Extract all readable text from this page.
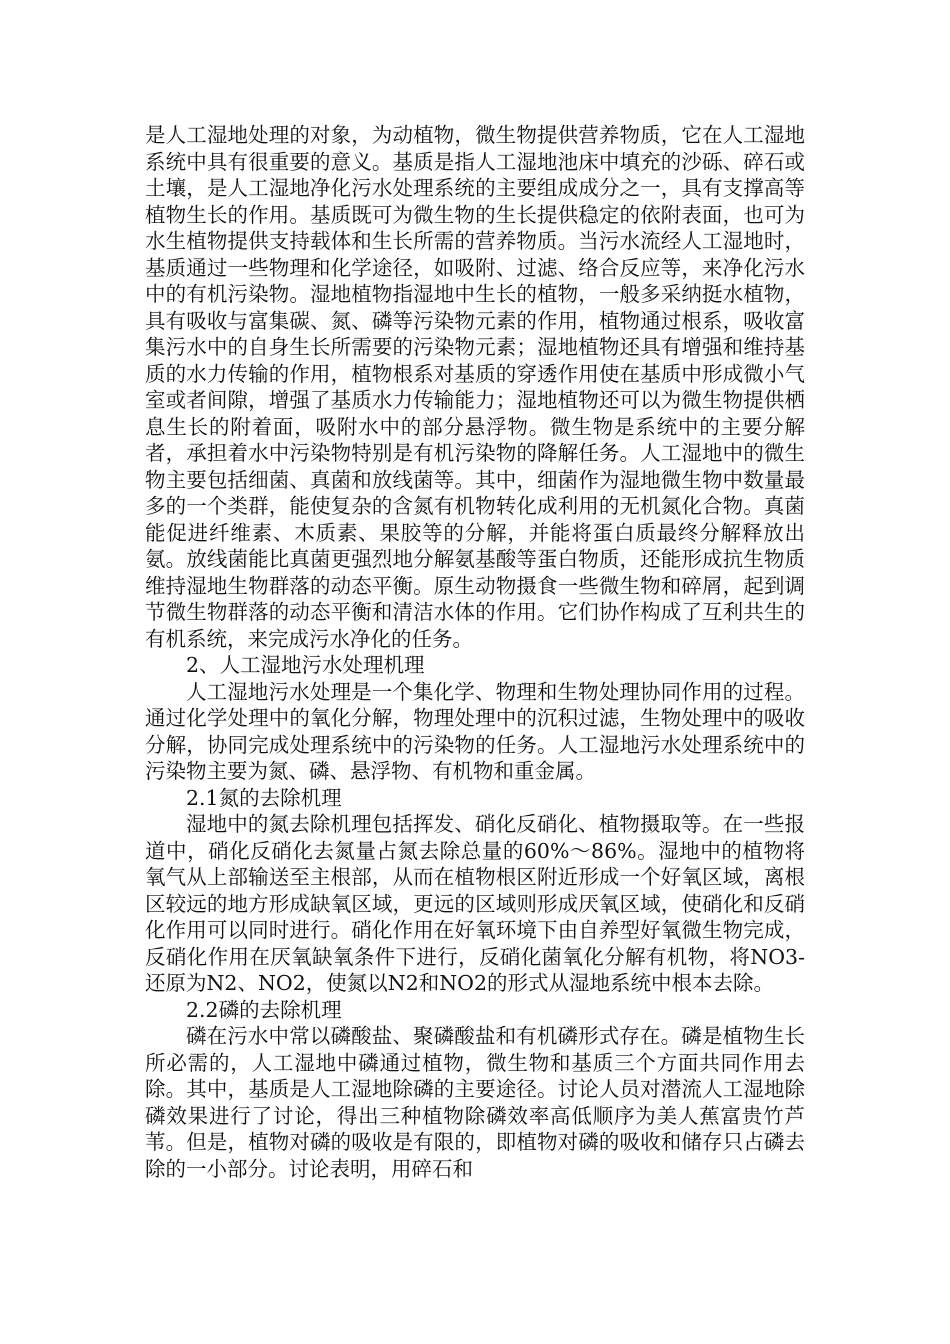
是人工湿地处理的对象，为动植物，微生物提供营养物质，它在人工湿地系统中具有很重要的意义。基质是指人工湿地池床中填充的沙砾、碎石或土壤，是人工湿地净化污水处理系统的主要组成成分之一，具有支撑高等植物生长的作用。基质既可为微生物的生长提供稳定的依附表面，也可为水生植物提供支持载体和生长所需的营养物质。当污水流经人工湿地时，基质通过一些物理和化学途径，如吸附、过滤、络合反应等，来净化污水中的有机污染物。湿地植物指湿地中生长的植物，一般多采纳挺水植物，具有吸收与富集碳、氮、磷等污染物元素的作用，植物通过根系，吸收富集污水中的自身生长所需要的污染物元素；湿地植物还具有增强和维持基质的水力传输的作用，植物根系对基质的穿透作用使在基质中形成微小气室或者间隙，增强了基质水力传输能力；湿地植物还可以为微生物提供栖息生长的附着面，吸附水中的部分悬浮物。微生物是系统中的主要分解者，承担着水中污染物特别是有机污染物的降解任务。人工湿地中的微生物主要包括细菌、真菌和放线菌等。其中，细菌作为湿地微生物中数量最多的一个类群，能使复杂的含氮有机物转化成利用的无机氮化合物。真菌能促进纤维素、木质素、果胶等的分解，并能将蛋白质最终分解释放出氨。放线菌能比真菌更强烈地分解氨基酸等蛋白物质，还能形成抗生物质维持湿地生物群落的动态平衡。原生动物摄食一些微生物和碎屑，起到调节微生物群落的动态平衡和清洁水体的作用。它们协作构成了互利共生的有机系统，来完成污水净化的任务。

2、人工湿地污水处理机理

人工湿地污水处理是一个集化学、物理和生物处理协同作用的过程。通过化学处理中的氧化分解，物理处理中的沉积过滤，生物处理中的吸收分解，协同完成处理系统中的污染物的任务。人工湿地污水处理系统中的污染物主要为氮、磷、悬浮物、有机物和重金属。

2.1氮的去除机理

湿地中的氮去除机理包括挥发、硝化反硝化、植物摄取等。在一些报道中，硝化反硝化去氮量占氮去除总量的60%～86%。湿地中的植物将氧气从上部输送至主根部，从而在植物根区附近形成一个好氧区域，离根区较远的地方形成缺氧区域，更远的区域则形成厌氧区域，使硝化和反硝化作用可以同时进行。硝化作用在好氧环境下由自养型好氧微生物完成，反硝化作用在厌氧缺氧条件下进行，反硝化菌氧化分解有机物，将NO3-还原为N2、NO2，使氮以N2和NO2的形式从湿地系统中根本去除。

2.2磷的去除机理

磷在污水中常以磷酸盐、聚磷酸盐和有机磷形式存在。磷是植物生长所必需的，人工湿地中磷通过植物，微生物和基质三个方面共同作用去除。其中，基质是人工湿地除磷的主要途径。讨论人员对潜流人工湿地除磷效果进行了讨论，得出三种植物除磷效率高低顺序为美人蕉富贵竹芦苇。但是，植物对磷的吸收是有限的，即植物对磷的吸收和储存只占磷去除的一小部分。讨论表明，用碎石和
